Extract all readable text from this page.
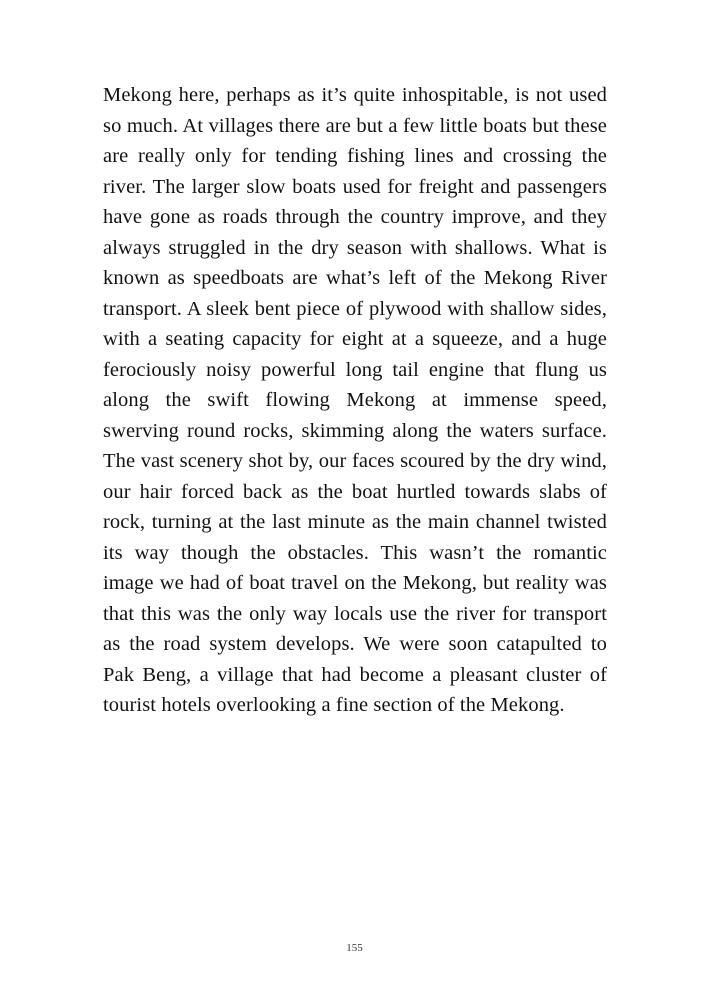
Mekong here, perhaps as it’s quite inhospitable, is not used so much. At villages there are but a few little boats but these are really only for tending fishing lines and crossing the river. The larger slow boats used for freight and passengers have gone as roads through the country improve, and they always struggled in the dry season with shallows. What is known as speedboats are what’s left of the Mekong River transport. A sleek bent piece of plywood with shallow sides, with a seating capacity for eight at a squeeze, and a huge ferociously noisy powerful long tail engine that flung us along the swift flowing Mekong at immense speed, swerving round rocks, skimming along the waters surface. The vast scenery shot by, our faces scoured by the dry wind, our hair forced back as the boat hurtled towards slabs of rock, turning at the last minute as the main channel twisted its way though the obstacles. This wasn’t the romantic image we had of boat travel on the Mekong, but reality was that this was the only way locals use the river for transport as the road system develops. We were soon catapulted to Pak Beng, a village that had become a pleasant cluster of tourist hotels overlooking a fine section of the Mekong.

155
